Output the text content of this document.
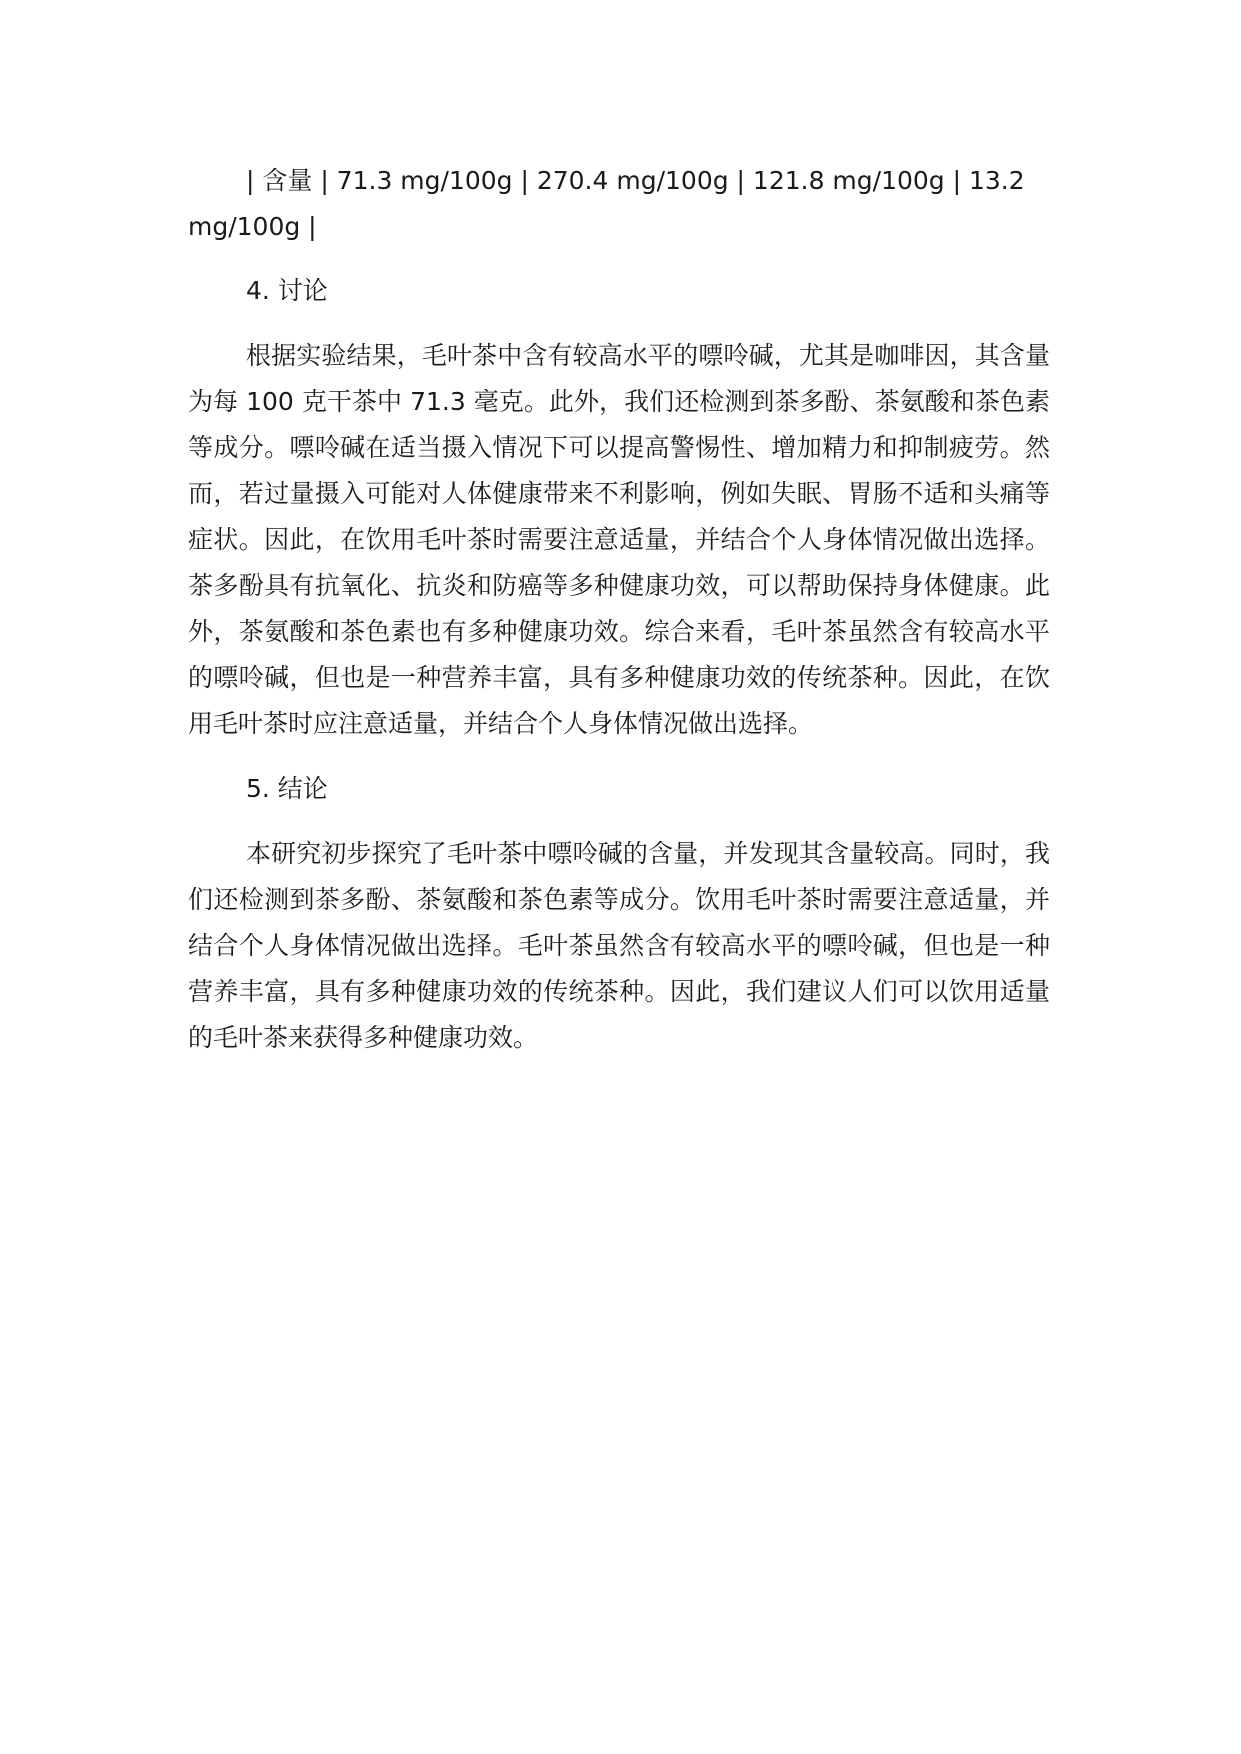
| 含量 | 71.3 mg/100g | 270.4 mg/100g | 121.8 mg/100g | 13.2 mg/100g |

4. 讨论

根据实验结果，毛叶茶中含有较高水平的嘌呤碱，尤其是咖啡因，其含量为每 100 克干茶中 71.3 毫克。此外，我们还检测到茶多酚、茶氨酸和茶色素等成分。嘌呤碱在适当摄入情况下可以提高警惕性、增加精力和抑制疲劳。然而，若过量摄入可能对人体健康带来不利影响，例如失眠、胃肠不适和头痛等症状。因此，在饮用毛叶茶时需要注意适量，并结合个人身体情况做出选择。茶多酚具有抗氧化、抗炎和防癌等多种健康功效，可以帮助保持身体健康。此外，茶氨酸和茶色素也有多种健康功效。综合来看，毛叶茶虽然含有较高水平的嘌呤碱，但也是一种营养丰富，具有多种健康功效的传统茶种。因此，在饮用毛叶茶时应注意适量，并结合个人身体情况做出选择。

5. 结论

本研究初步探究了毛叶茶中嘌呤碱的含量，并发现其含量较高。同时，我们还检测到茶多酚、茶氨酸和茶色素等成分。饮用毛叶茶时需要注意适量，并结合个人身体情况做出选择。毛叶茶虽然含有较高水平的嘌呤碱，但也是一种营养丰富，具有多种健康功效的传统茶种。因此，我们建议人们可以饮用适量的毛叶茶来获得多种健康功效。
